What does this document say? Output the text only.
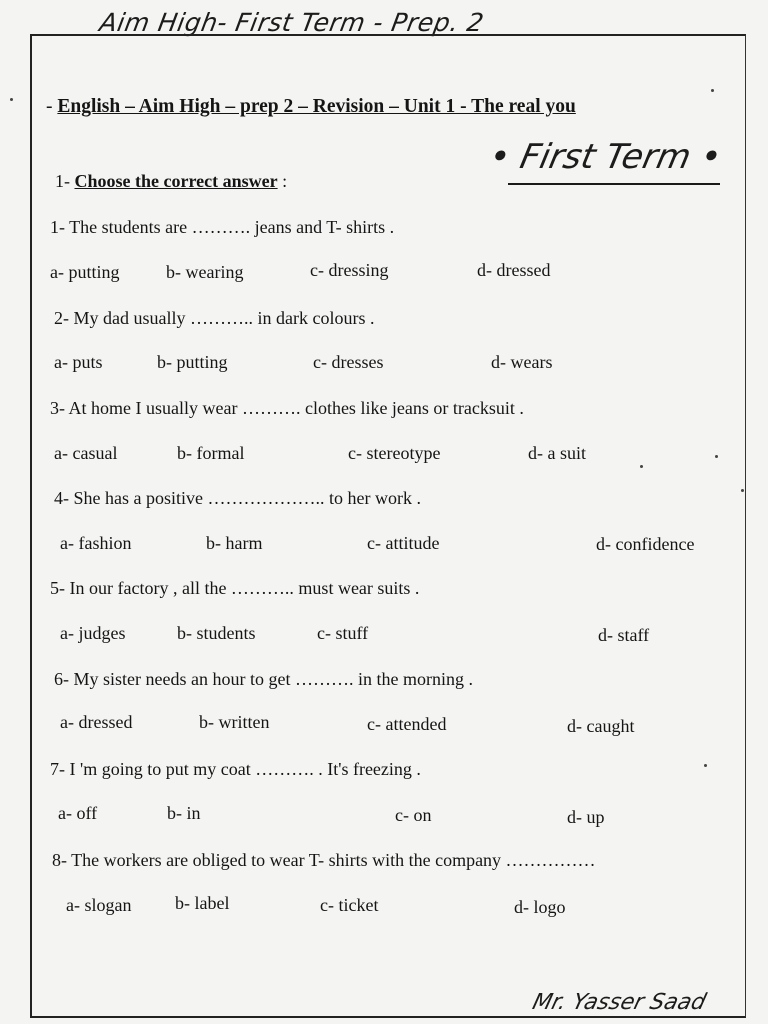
Aim High- First Term - Prep. 2
- English – Aim High – prep 2 – Revision – Unit 1 - The real you
• First Term •
1- Choose the correct answer :
1- The students are ………. jeans and T- shirts .
a- putting	b- wearing	c- dressing	d- dressed
2- My dad usually ……….. in dark colours .
a- puts	b- putting	c- dresses	d- wears
3- At home I usually wear ………. clothes like jeans or tracksuit .
a- casual	b- formal	c- stereotype	d- a suit
4- She has a positive ……………….. to her work .
a- fashion	b- harm	c- attitude	d- confidence
5- In our factory , all the ……….. must wear suits .
a- judges	b- students	c- stuff	d- staff
6- My sister needs an hour to get ………. in the morning .
a- dressed	b- written	c- attended	d- caught
7- I 'm going to put my coat ………. . It's freezing .
a- off	b- in	c- on	d- up
8- The workers are obliged to wear T- shirts with the company ……………
a- slogan b- label	c- ticket	d- logo
Mr. Yasser Saad
